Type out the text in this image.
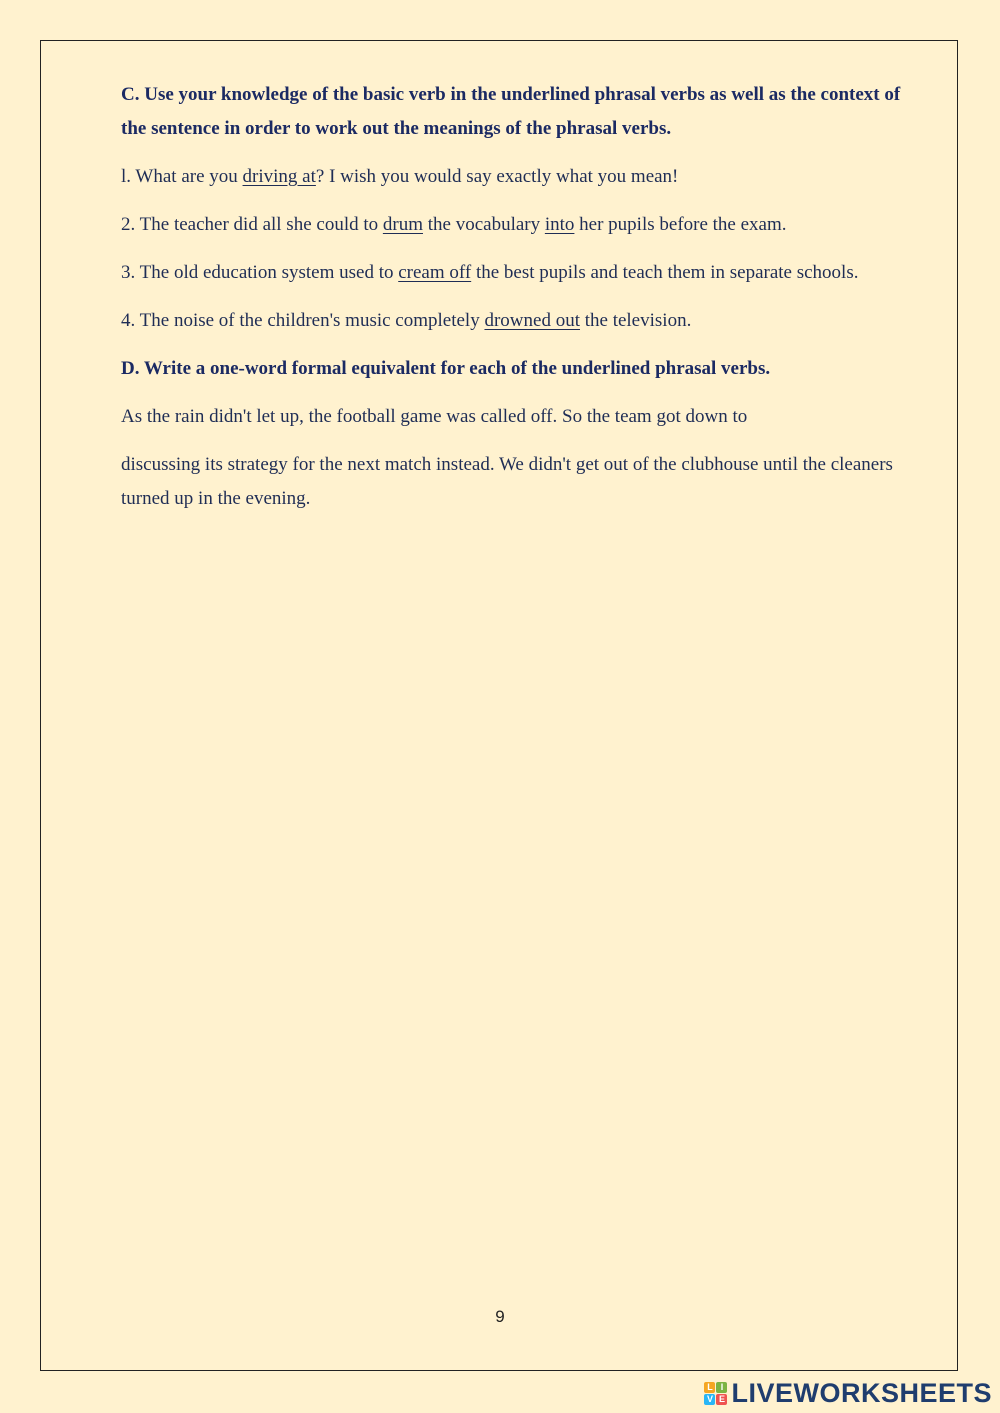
C. Use your knowledge of the basic verb in the underlined phrasal verbs as well as the context of the sentence in order to work out the meanings of the phrasal verbs.

l. What are you driving at? I wish you would say exactly what you mean!

2. The teacher did all she could to drum the vocabulary into her pupils before the exam.

3. The old education system used to cream off the best pupils and teach them in separate schools.

4. The noise of the children's music completely drowned out the television.

D. Write a one-word formal equivalent for each of the underlined phrasal verbs.

As the rain didn't let up, the football game was called off. So the team got down to

discussing its strategy for the next match instead. We didn't get out of the clubhouse until the cleaners turned up in the evening.

9
L I
V E LIVEWORKSHEETS
